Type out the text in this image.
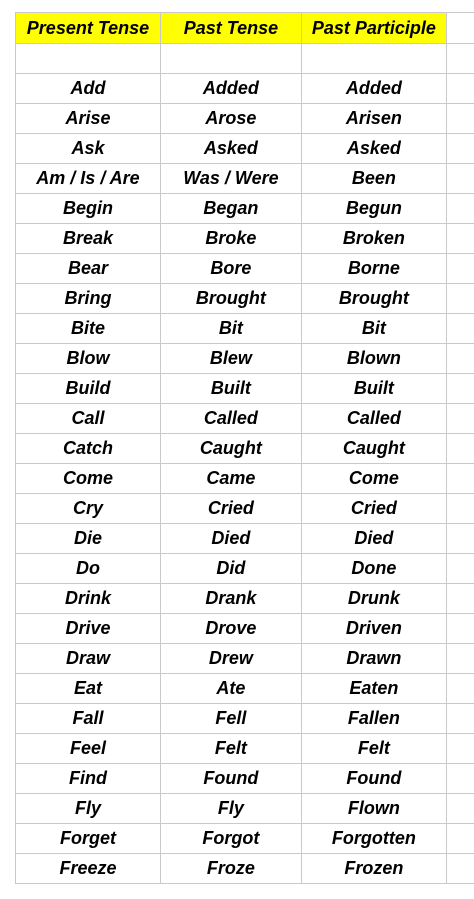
Present Tense	Past Tense	Past Participle	

Add	Added	Added	
Arise	Arose	Arisen	
Ask	Asked	Asked	
Am / Is / Are	Was / Were	Been	
Begin	Began	Begun	
Break	Broke	Broken	
Bear	Bore	Borne	
Bring	Brought	Brought	
Bite	Bit	Bit	
Blow	Blew	Blown	
Build	Built	Built	
Call	Called	Called	
Catch	Caught	Caught	
Come	Came	Come	
Cry	Cried	Cried	
Die	Died	Died	
Do	Did	Done	
Drink	Drank	Drunk	
Drive	Drove	Driven	
Draw	Drew	Drawn	
Eat	Ate	Eaten	
Fall	Fell	Fallen	
Feel	Felt	Felt	
Find	Found	Found	
Fly	Fly	Flown	
Forget	Forgot	Forgotten	
Freeze	Froze	Frozen	
